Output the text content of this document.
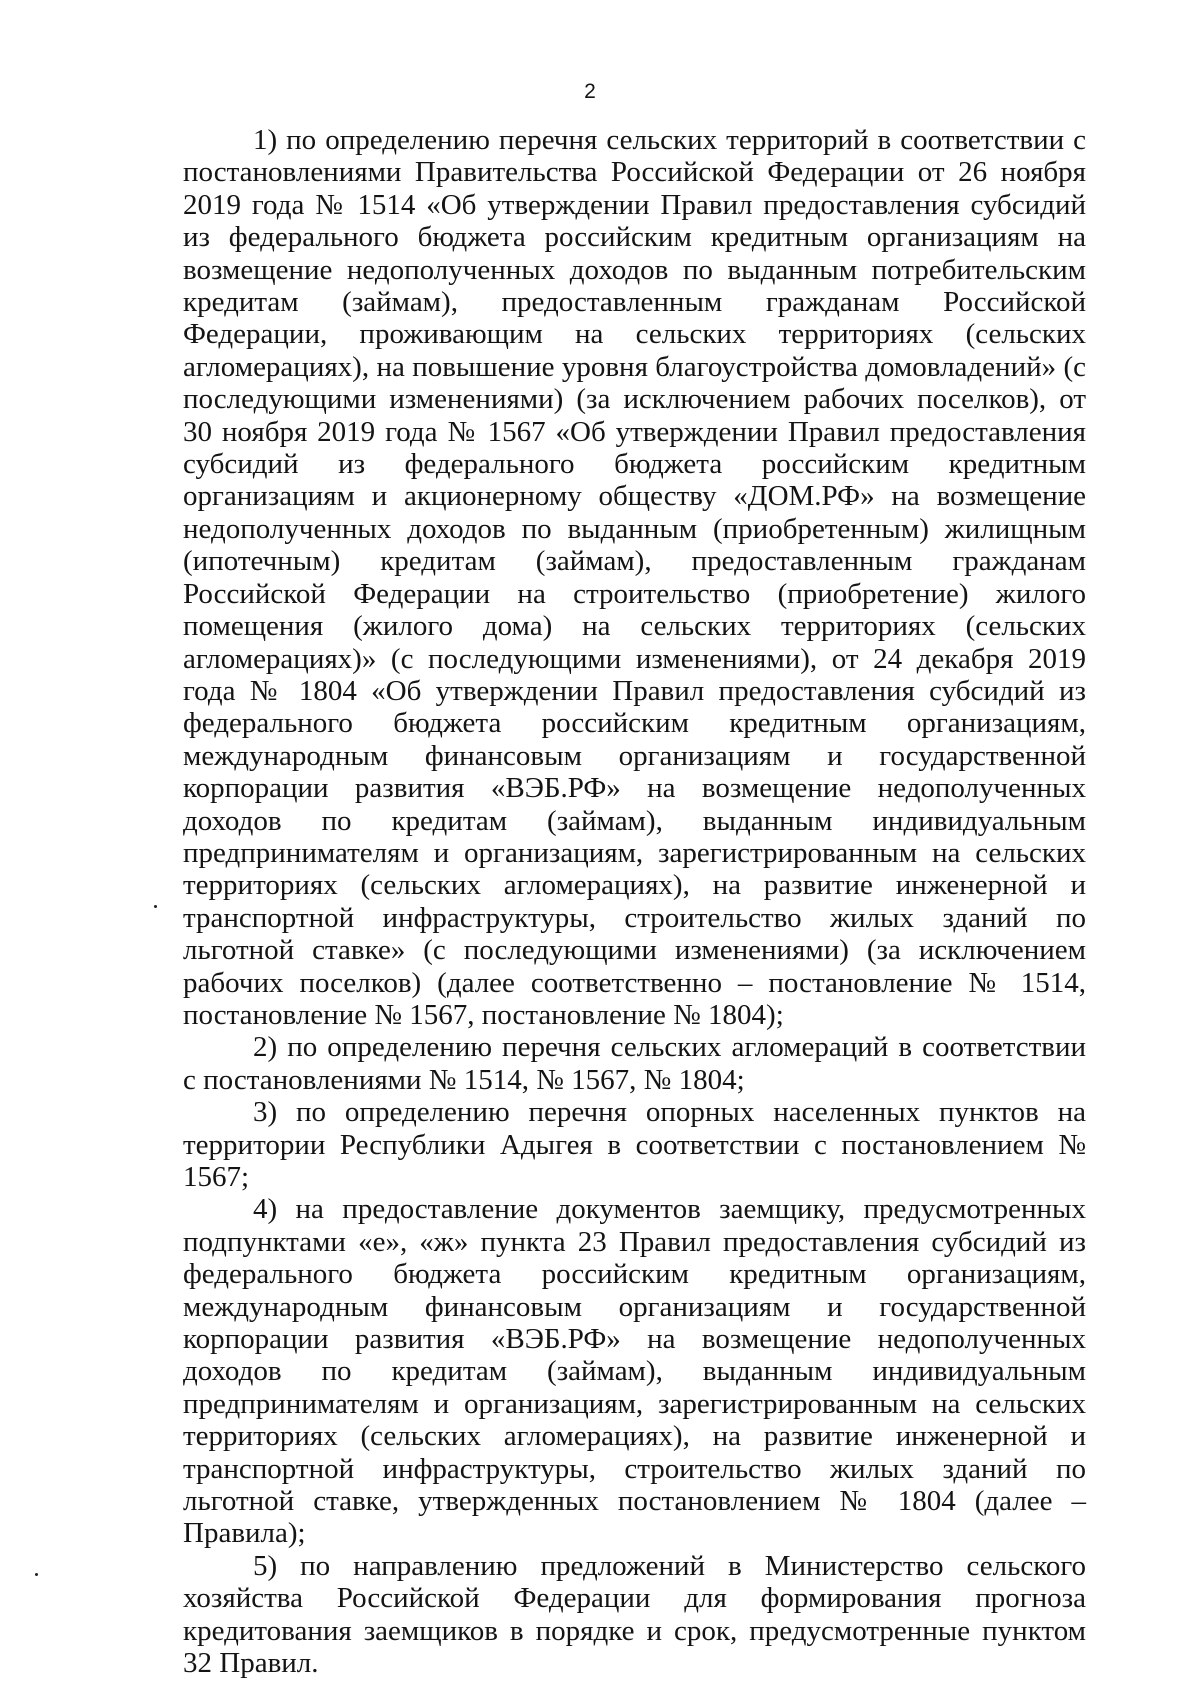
2

1) по определению перечня сельских территорий в соответствии с постановлениями Правительства Российской Федерации от 26 ноября 2019 года № 1514 «Об утверждении Правил предоставления субсидий из федерального бюджета российским кредитным организациям на возмещение недополученных доходов по выданным потребительским кредитам (займам), предоставленным гражданам Российской Федерации, проживающим на сельских территориях (сельских агломерациях), на повышение уровня благоустройства домовладений» (с последующими изменениями) (за исключением рабочих поселков), от 30 ноября 2019 года № 1567 «Об утверждении Правил предоставления субсидий из федерального бюджета российским кредитным организациям и акционерному обществу «ДОМ.РФ» на возмещение недополученных доходов по выданным (приобретенным) жилищным (ипотечным) кредитам (займам), предоставленным гражданам Российской Федерации на строительство (приобретение) жилого помещения (жилого дома) на сельских территориях (сельских агломерациях)» (с последующими изменениями), от 24 декабря 2019 года № 1804 «Об утверждении Правил предоставления субсидий из федерального бюджета российским кредитным организациям, международным финансовым организациям и государственной корпорации развития «ВЭБ.РФ» на возмещение недополученных доходов по кредитам (займам), выданным индивидуальным предпринимателям и организациям, зарегистрированным на сельских территориях (сельских агломерациях), на развитие инженерной и транспортной инфраструктуры, строительство жилых зданий по льготной ставке» (с последующими изменениями) (за исключением рабочих поселков) (далее соответственно – постановление № 1514, постановление № 1567, постановление № 1804);

2) по определению перечня сельских агломераций в соответствии с постановлениями № 1514, № 1567, № 1804;

3) по определению перечня опорных населенных пунктов на территории Республики Адыгея в соответствии с постановлением № 1567;

4) на предоставление документов заемщику, предусмотренных подпунктами «е», «ж» пункта 23 Правил предоставления субсидий из федерального бюджета российским кредитным организациям, международным финансовым организациям и государственной корпорации развития «ВЭБ.РФ» на возмещение недополученных доходов по кредитам (займам), выданным индивидуальным предпринимателям и организациям, зарегистрированным на сельских территориях (сельских агломерациях), на развитие инженерной и транспортной инфраструктуры, строительство жилых зданий по льготной ставке, утвержденных постановлением № 1804 (далее – Правила);

5) по направлению предложений в Министерство сельского хозяйства Российской Федерации для формирования прогноза кредитования заемщиков в порядке и срок, предусмотренные пунктом 32 Правил.
